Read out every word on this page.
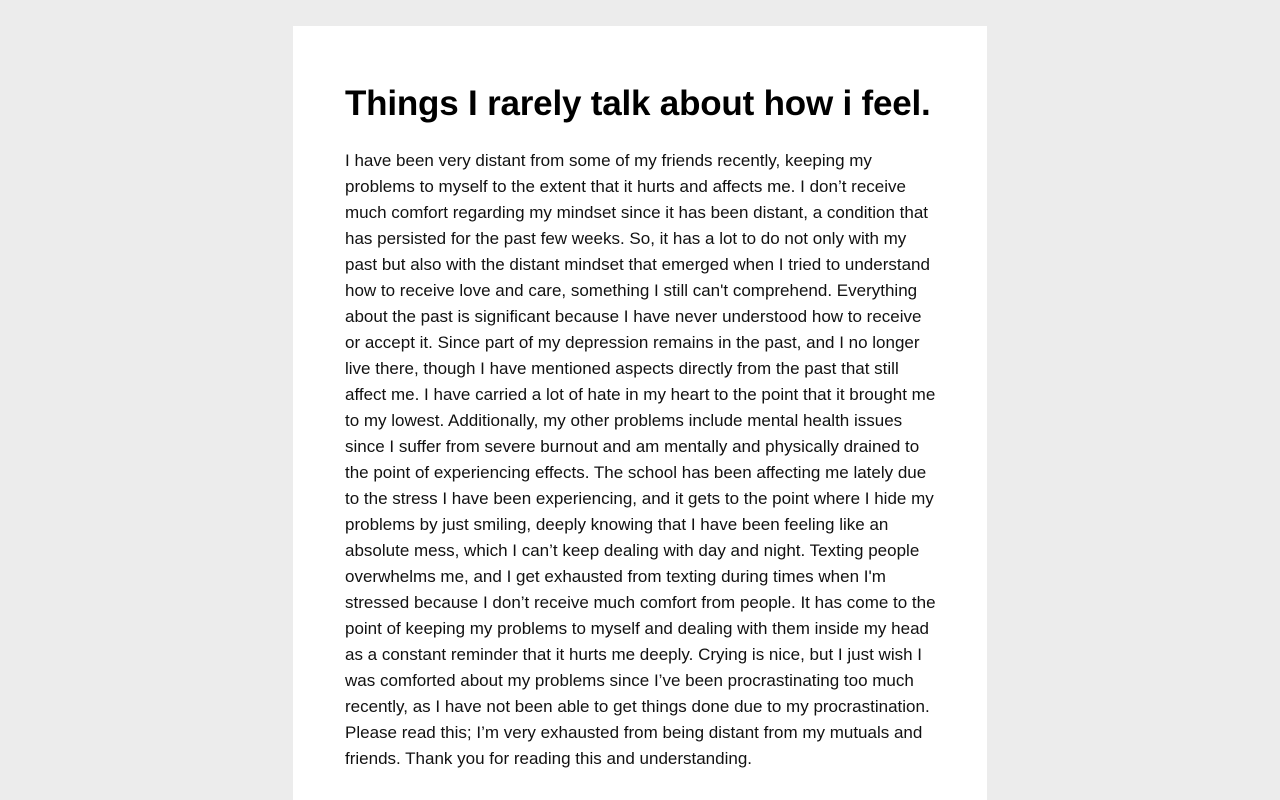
Things I rarely talk about how i feel.

I have been very distant from some of my friends recently, keeping my problems to myself to the extent that it hurts and affects me. I don’t receive much comfort regarding my mindset since it has been distant, a condition that has persisted for the past few weeks. So, it has a lot to do not only with my past but also with the distant mindset that emerged when I tried to understand how to receive love and care, something I still can't comprehend. Everything about the past is significant because I have never understood how to receive or accept it. Since part of my depression remains in the past, and I no longer live there, though I have mentioned aspects directly from the past that still affect me. I have carried a lot of hate in my heart to the point that it brought me to my lowest. Additionally, my other problems include mental health issues since I suffer from severe burnout and am mentally and physically drained to the point of experiencing effects. The school has been affecting me lately due to the stress I have been experiencing, and it gets to the point where I hide my problems by just smiling, deeply knowing that I have been feeling like an absolute mess, which I can’t keep dealing with day and night. Texting people overwhelms me, and I get exhausted from texting during times when I'm stressed because I don’t receive much comfort from people. It has come to the point of keeping my problems to myself and dealing with them inside my head as a constant reminder that it hurts me deeply. Crying is nice, but I just wish I was comforted about my problems since I’ve been procrastinating too much recently, as I have not been able to get things done due to my procrastination. Please read this; I’m very exhausted from being distant from my mutuals and friends. Thank you for reading this and understanding.
